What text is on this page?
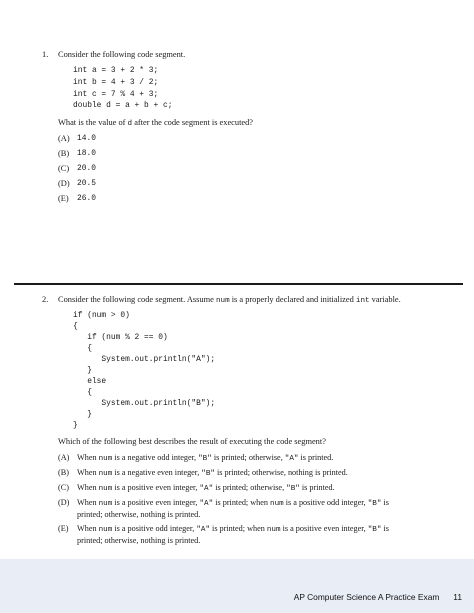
1. Consider the following code segment.
int a = 3 + 2 * 3;
int b = 4 + 3 / 2;
int c = 7 % 4 + 3;
double d = a + b + c;
What is the value of d after the code segment is executed?
(A) 14.0
(B) 18.0
(C) 20.0
(D) 20.5
(E) 26.0
2. Consider the following code segment. Assume num is a properly declared and initialized int variable.
if (num > 0)
{
if (num % 2 == 0)
{
System.out.println("A");
}
else
{
System.out.println("B");
}
}
Which of the following best describes the result of executing the code segment?
(A) When num is a negative odd integer, "B" is printed; otherwise, "A" is printed.
(B) When num is a negative even integer, "B" is printed; otherwise, nothing is printed.
(C) When num is a positive even integer, "A" is printed; otherwise, "B" is printed.
(D) When num is a positive even integer, "A" is printed; when num is a positive odd integer, "B" is
printed; otherwise, nothing is printed.
(E) When num is a positive odd integer, "A" is printed; when num is a positive even integer, "B" is
printed; otherwise, nothing is printed.
AP Computer Science A Practice Exam 11
